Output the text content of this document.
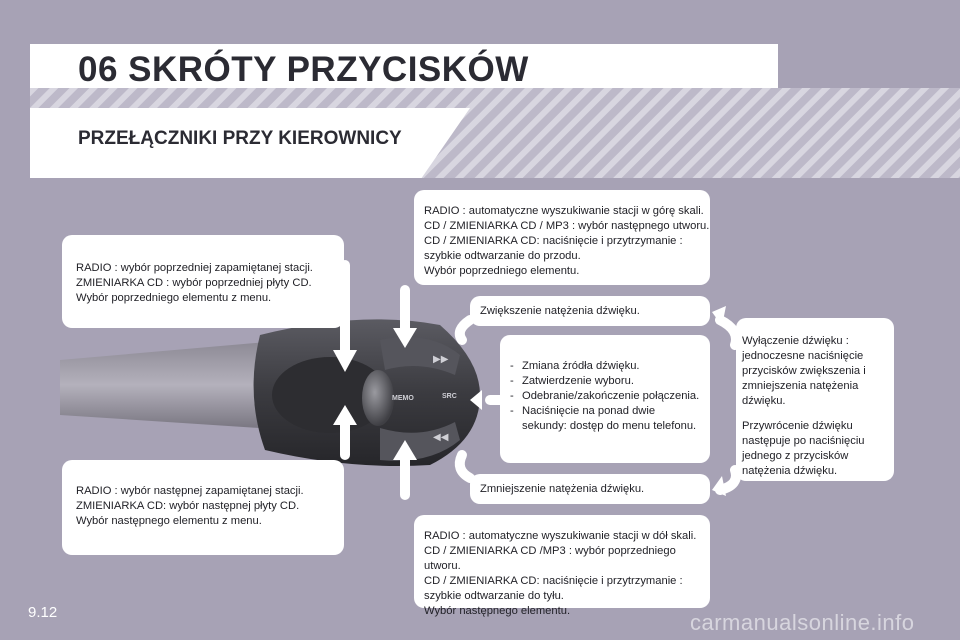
06 SKRÓTY PRZYCISKÓW
PRZEŁĄCZNIKI PRZY KIEROWNICY
▶▶
◀◀
MEMO	SRC

RADIO : wybór poprzedniej zapamiętanej stacji.

ZMIENIARKA CD : wybór poprzedniej płyty CD.

Wybór poprzedniego elementu z menu.

RADIO : wybór następnej zapamiętanej stacji.

ZMIENIARKA CD: wybór następnej płyty CD.

Wybór następnego elementu z menu.

RADIO : automatyczne wyszukiwanie stacji w górę skali.

CD / ZMIENIARKA CD / MP3 : wybór następnego utworu.

CD / ZMIENIARKA CD: naciśnięcie i przytrzymanie :

szybkie odtwarzanie do przodu.

Wybór poprzedniego elementu.

RADIO : automatyczne wyszukiwanie stacji w dół skali.

CD / ZMIENIARKA CD /MP3 : wybór poprzedniego utworu.

CD / ZMIENIARKA CD: naciśnięcie i przytrzymanie :

szybkie odtwarzanie do tyłu.

Wybór następnego elementu.

Zwiększenie natężenia dźwięku.

Zmniejszenie natężenia dźwięku.

- Zmiana źródła dźwięku.
- Zatwierdzenie wyboru.
- Odebranie/zakończenie połączenia.
- Naciśnięcie na ponad dwie sekundy: dostęp do menu telefonu.

Wyłączenie dźwięku : jednoczesne naciśnięcie przycisków zwiększenia i zmniejszenia natężenia dźwięku.

Przywrócenie dźwięku następuje po naciśnięciu jednego z przycisków natężenia dźwięku.

9.12	carmanualsonline.info
